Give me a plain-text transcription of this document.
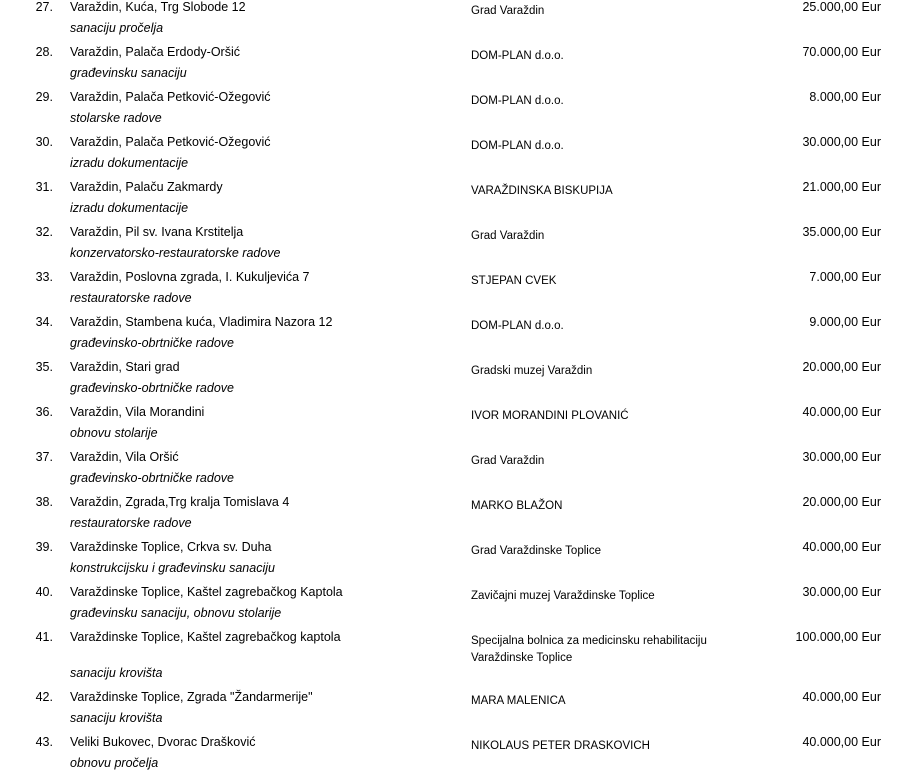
27. Varaždin, Kuća, Trg Slobode 12
sanaciju pročelja
Grad Varaždin	25.000,00 Eur
28. Varaždin, Palača Erdody-Oršić
građevinsku sanaciju
DOM-PLAN d.o.o.	70.000,00 Eur
29. Varaždin, Palača Petković-Ožegović
stolarske radove
DOM-PLAN d.o.o.	8.000,00 Eur
30. Varaždin, Palača Petković-Ožegović
izradu dokumentacije
DOM-PLAN d.o.o.	30.000,00 Eur
31. Varaždin, Palaču Zakmardy
izradu dokumentacije
VARAŽDINSKA BISKUPIJA	21.000,00 Eur
32. Varaždin, Pil sv. Ivana Krstitelja
konzervatorsko-restauratorske radove
Grad Varaždin	35.000,00 Eur
33. Varaždin, Poslovna zgrada, I. Kukuljevića 7
restauratorske radove
STJEPAN CVEK	7.000,00 Eur
34. Varaždin, Stambena kuća, Vladimira Nazora 12
građevinsko-obrtničke radove
DOM-PLAN d.o.o.	9.000,00 Eur
35. Varaždin, Stari grad
građevinsko-obrtničke radove
Gradski muzej Varaždin	20.000,00 Eur
36. Varaždin, Vila Morandini
obnovu stolarije
IVOR MORANDINI PLOVANIĆ	40.000,00 Eur
37. Varaždin, Vila Oršić
građevinsko-obrtničke radove
Grad Varaždin	30.000,00 Eur
38. Varaždin, Zgrada,Trg kralja Tomislava 4
restauratorske radove
MARKO BLAŽON	20.000,00 Eur
39. Varaždinske Toplice, Crkva sv. Duha
konstrukcijsku i građevinsku sanaciju
Grad Varaždinske Toplice	40.000,00 Eur
40. Varaždinske Toplice, Kaštel zagrebačkog Kaptola
građevinsku sanaciju, obnovu stolarije
Zavičajni muzej Varaždinske Toplice	30.000,00 Eur
41. Varaždinske Toplice, Kaštel zagrebačkog kaptola
sanaciju krovišta
Specijalna bolnica za medicinsku rehabilitaciju
Varaždinske Toplice
100.000,00 Eur
42. Varaždinske Toplice, Zgrada "Žandarmerije"
sanaciju krovišta
MARA MALENICA	40.000,00 Eur
43. Veliki Bukovec, Dvorac Drašković
obnovu pročelja
NIKOLAUS PETER DRASKOVICH	40.000,00 Eur
